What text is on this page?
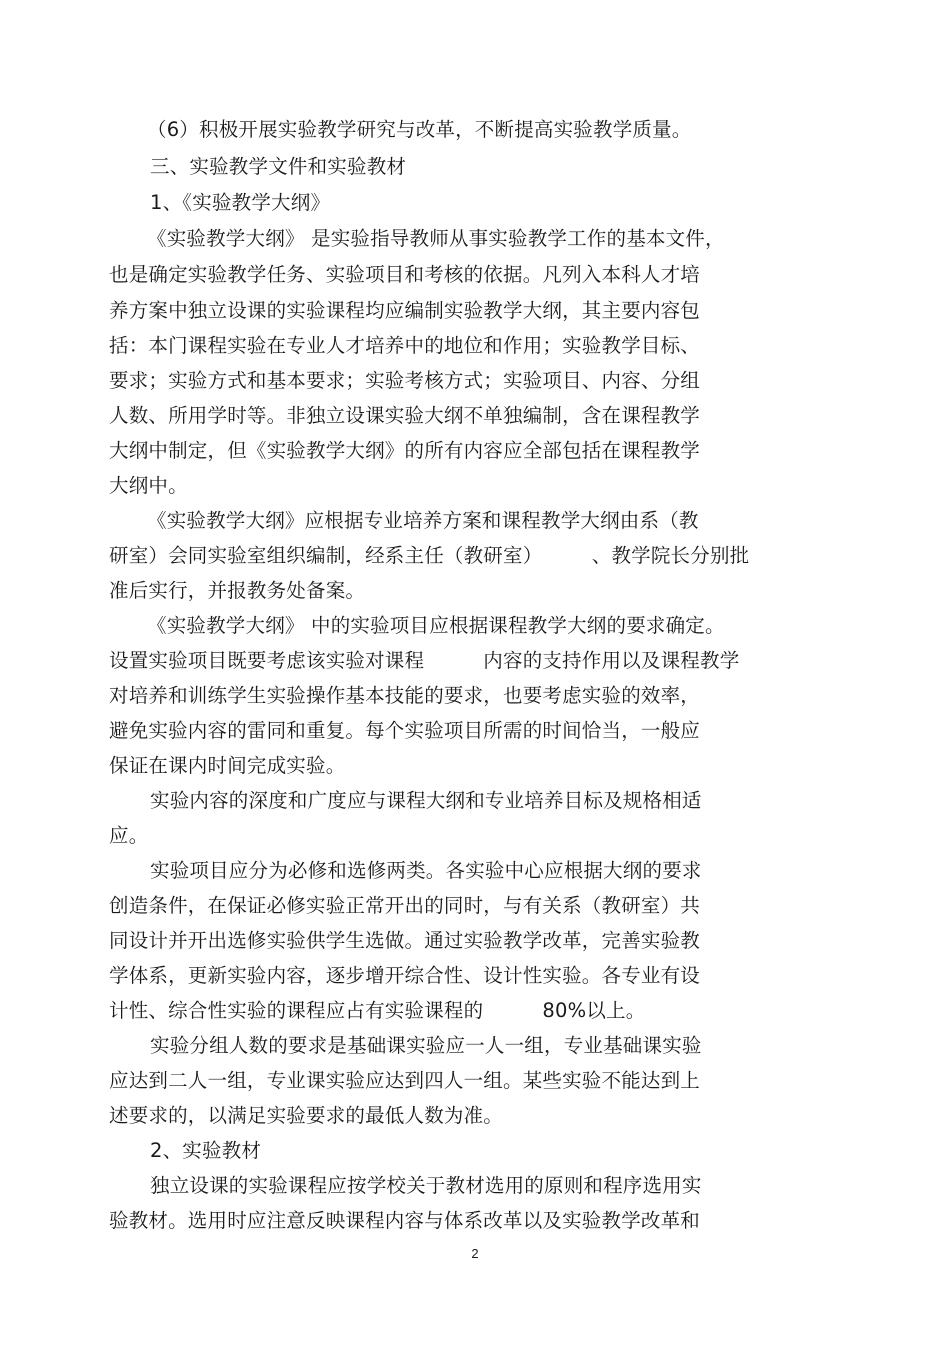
（6）积极开展实验教学研究与改革，不断提高实验教学质量。
三、实验教学文件和实验教材
1、《实验教学大纲》
《实验教学大纲》 是实验指导教师从事实验教学工作的基本文件，
也是确定实验教学任务、实验项目和考核的依据。凡列入本科人才培
养方案中独立设课的实验课程均应编制实验教学大纲，其主要内容包
括：本门课程实验在专业人才培养中的地位和作用；实验教学目标、
要求；实验方式和基本要求；实验考核方式；实验项目、内容、分组
人数、所用学时等。非独立设课实验大纲不单独编制，含在课程教学
大纲中制定，但《实验教学大纲》的所有内容应全部包括在课程教学
大纲中。
《实验教学大纲》应根据专业培养方案和课程教学大纲由系（教
研室）会同实验室组织编制，经系主任（教研室）　　　、教学院长分别批
准后实行，并报教务处备案。
《实验教学大纲》 中的实验项目应根据课程教学大纲的要求确定。
设置实验项目既要考虑该实验对课程　　　内容的支持作用以及课程教学
对培养和训练学生实验操作基本技能的要求，也要考虑实验的效率，
避免实验内容的雷同和重复。每个实验项目所需的时间恰当，一般应
保证在课内时间完成实验。
实验内容的深度和广度应与课程大纲和专业培养目标及规格相适
应。
实验项目应分为必修和选修两类。各实验中心应根据大纲的要求
创造条件，在保证必修实验正常开出的同时，与有关系（教研室）共
同设计并开出选修实验供学生选做。通过实验教学改革，完善实验教
学体系，更新实验内容，逐步增开综合性、设计性实验。各专业有设
计性、综合性实验的课程应占有实验课程的　　　80%以上。
实验分组人数的要求是基础课实验应一人一组，专业基础课实验
应达到二人一组，专业课实验应达到四人一组。某些实验不能达到上
述要求的，以满足实验要求的最低人数为准。
2、实验教材
独立设课的实验课程应按学校关于教材选用的原则和程序选用实
验教材。选用时应注意反映课程内容与体系改革以及实验教学改革和
2
